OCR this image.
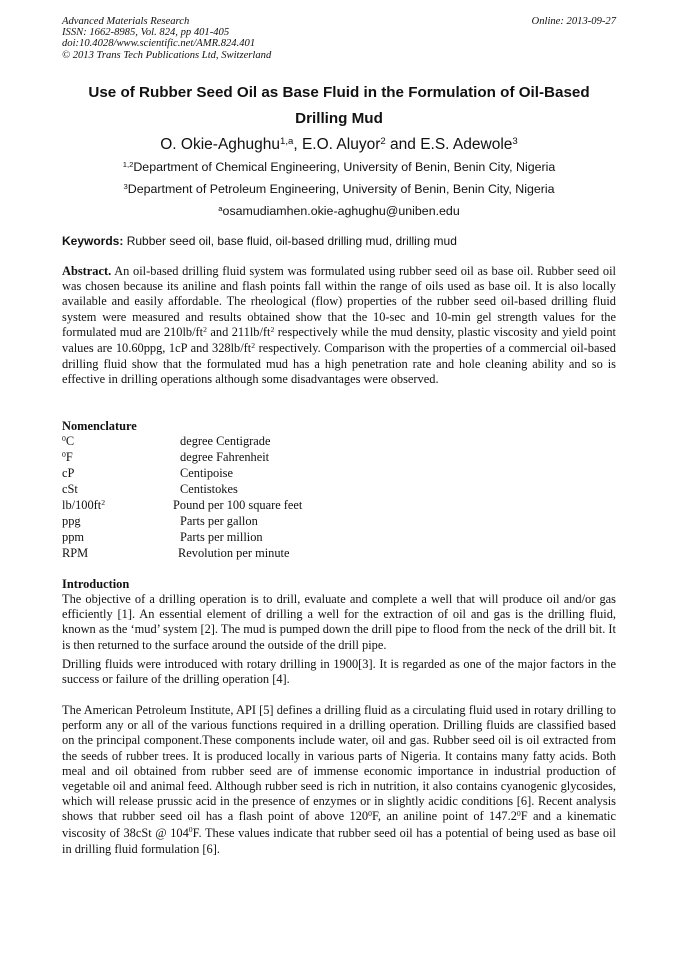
Advanced Materials Research
ISSN: 1662-8985, Vol. 824, pp 401-405
doi:10.4028/www.scientific.net/AMR.824.401
© 2013 Trans Tech Publications Ltd, Switzerland
Online: 2013-09-27
Use of Rubber Seed Oil as Base Fluid in the Formulation of Oil-Based
Drilling Mud
O. Okie-Aghughu$^{1,a}$, E.O. Aluyor$^2$ and E.S. Adewole$^3$
$^{1,2}$Department of Chemical Engineering, University of Benin, Benin City, Nigeria
$^3$Department of Petroleum Engineering, University of Benin, Benin City, Nigeria
$^a$osamudiamhen.okie-aghughu@uniben.edu
Keywords: Rubber seed oil, base fluid, oil-based drilling mud, drilling mud
Abstract. An oil-based drilling fluid system was formulated using rubber seed oil as base oil. Rubber seed oil was chosen because its aniline and flash points fall within the range of oils used as base oil. It is also locally available and easily affordable. The rheological (flow) properties of the rubber seed oil-based drilling fluid system were measured and results obtained show that the 10-sec and 10-min gel strength values for the formulated mud are $210lb/ft^2$ and $211lb/ft^2$ respectively while the mud density, plastic viscosity and yield point values are 10.60ppg, 1cP and $328lb/ft^2$ respectively. Comparison with the properties of a commercial oil-based drilling fluid show that the formulated mud has a high penetration rate and hole cleaning ability and so is effective in drilling operations although some disadvantages were observed.
Nomenclature
$^0$C	degree Centigrade
$^0$F	degree Fahrenheit
cP	Centipoise
cSt	Centistokes
$lb/100ft^2$	Pound per 100 square feet
ppg	Parts per gallon
ppm	Parts per million
RPM	Revolution per minute
Introduction
The objective of a drilling operation is to drill, evaluate and complete a well that will produce oil and/or gas efficiently [1]. An essential element of drilling a well for the extraction of oil and gas is the drilling fluid, known as the ‘mud’ system [2]. The mud is pumped down the drill pipe to flood from the neck of the drill bit. It is then returned to the surface around the outside of the drill pipe.
Drilling fluids were introduced with rotary drilling in 1900[3]. It is regarded as one of the major factors in the success or failure of the drilling operation [4].
The American Petroleum Institute, API [5] defines a drilling fluid as a circulating fluid used in rotary drilling to perform any or all of the various functions required in a drilling operation. Drilling fluids are classified based on the principal component.These components include water, oil and gas. Rubber seed oil is oil extracted from the seeds of rubber trees. It is produced locally in various parts of Nigeria. It contains many fatty acids. Both meal and oil obtained from rubber seed are of immense economic importance in industrial production of vegetable oil and animal feed. Although rubber seed is rich in nutrition, it also contains cyanogenic glycosides, which will release prussic acid in the presence of enzymes or in slightly acidic conditions [6]. Recent analysis shows that rubber seed oil has a flash point of above $120^0F$, an aniline point of 147.2$^0$F and a kinematic viscosity of 38cSt @ $104^0F$. These values indicate that rubber seed oil has a potential of being used as base oil in drilling fluid formulation [6].
